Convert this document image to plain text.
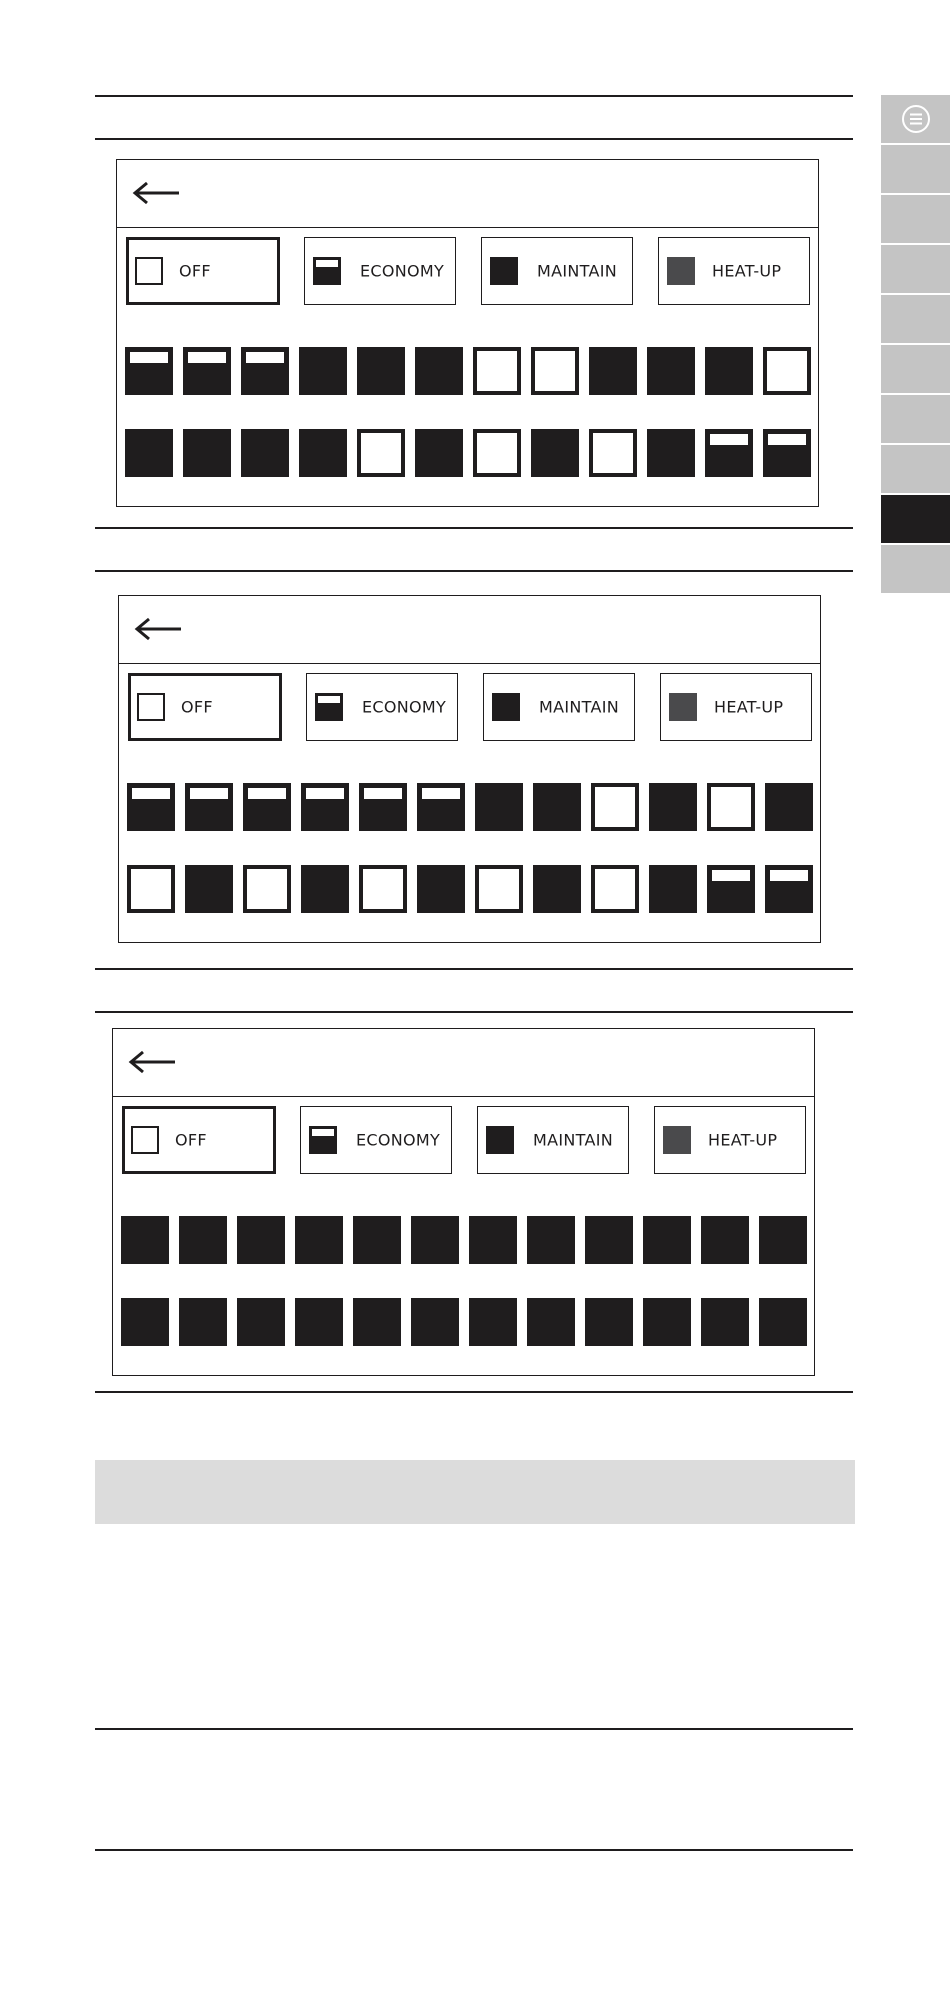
OFF	ECONOMY	MAINTAIN	HEAT-UP
OFF	ECONOMY	MAINTAIN	HEAT-UP
OFF	ECONOMY	MAINTAIN	HEAT-UP
